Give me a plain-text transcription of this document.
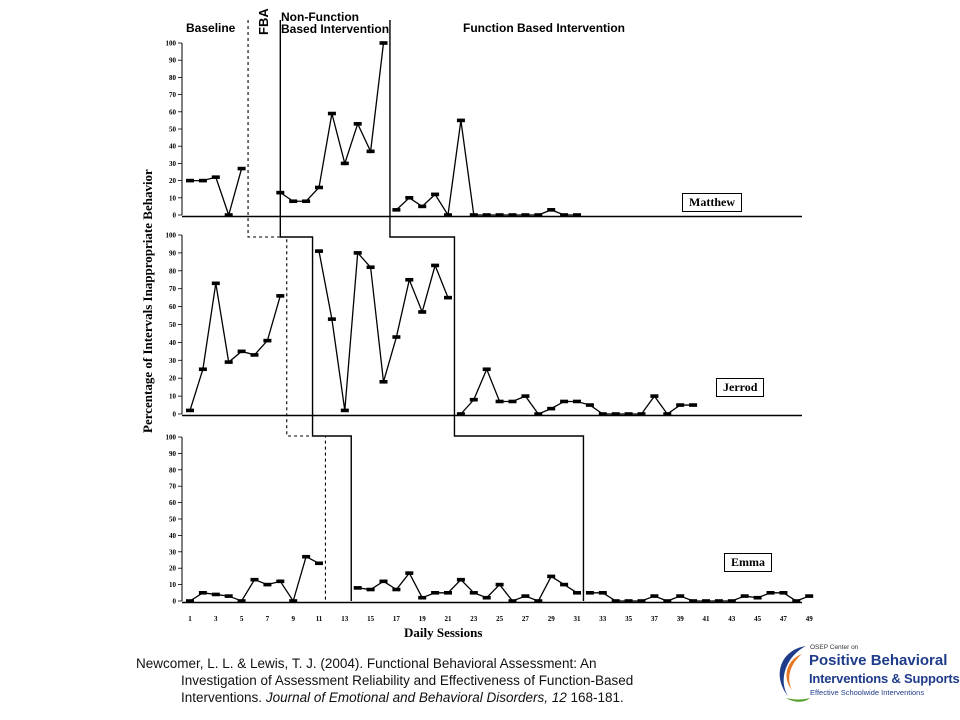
0
10
20
30
40
50
60
70
80
90
100
0
10
20
30
40
50
60
70
80
90
100
0
10
20
30
40
50
60
70
80
90
100
1	3	5	7	9	11	13	15	17	19	21	23	25	27	29	31	33	35	37	39	41	43	45	47	49
Baseline FBA Non-Function
Based Intervention	Function Based Intervention
Matthew
Jerrod
Emma
Percentage of Intervals Inappropriate Behavior
Daily Sessions
Newcomer, L. L. & Lewis, T. J. (2004). Functional Behavioral Assessment: An
Investigation of Assessment Reliability and Effectiveness of Function-Based
Interventions. Journal of Emotional and Behavioral Disorders, 12 168-181.
OSEP Center on
Positive Behavioral
Interventions & Supports
Effective Schoolwide Interventions
